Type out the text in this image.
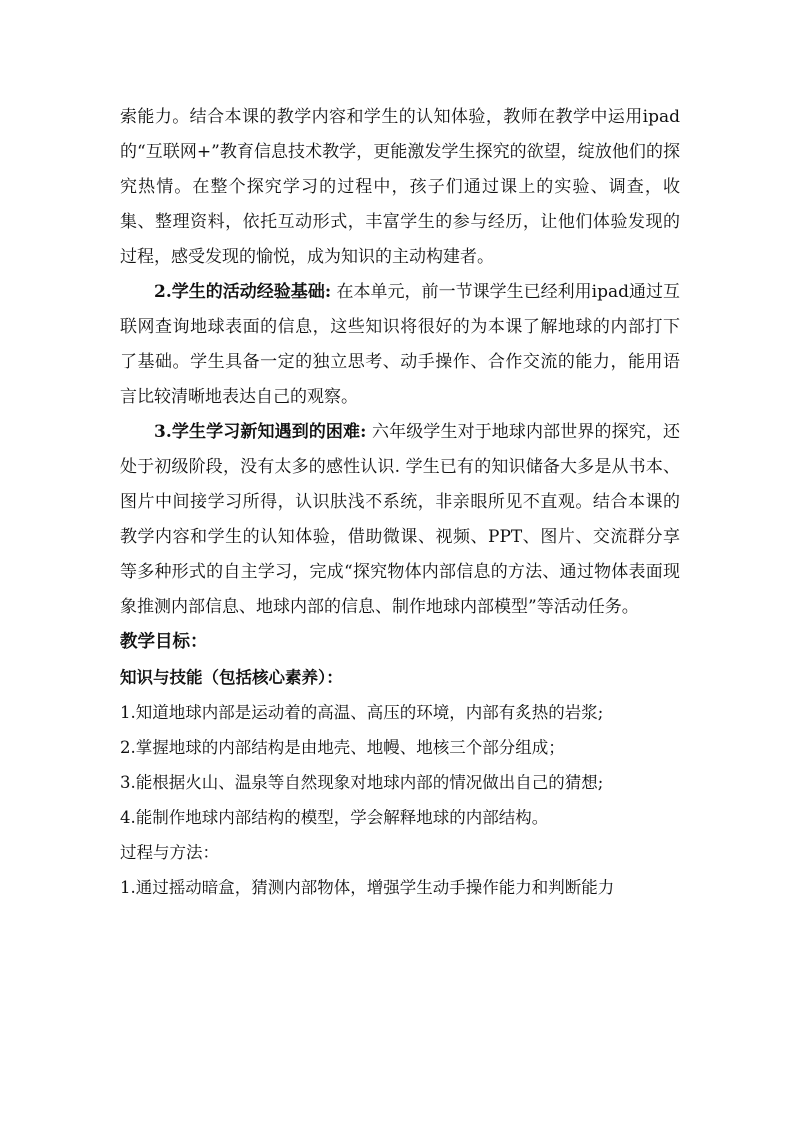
索能力。结合本课的教学内容和学生的认知体验，教师在教学中运用ipad的“互联网+”教育信息技术教学，更能激发学生探究的欲望，绽放他们的探究热情。在整个探究学习的过程中，孩子们通过课上的实验、调查，收集、整理资料，依托互动形式，丰富学生的参与经历，让他们体验发现的过程，感受发现的愉悦，成为知识的主动构建者。

2.学生的活动经验基础: 在本单元，前一节课学生已经利用ipad通过互联网查询地球表面的信息，这些知识将很好的为本课了解地球的内部打下了基础。学生具备一定的独立思考、动手操作、合作交流的能力，能用语言比较清晰地表达自己的观察。

3.学生学习新知遇到的困难: 六年级学生对于地球内部世界的探究，还处于初级阶段，没有太多的感性认识. 学生已有的知识储备大多是从书本、图片中间接学习所得，认识肤浅不系统，非亲眼所见不直观。结合本课的教学内容和学生的认知体验，借助微课、视频、PPT、图片、交流群分享等多种形式的自主学习，完成“探究物体内部信息的方法、通过物体表面现象推测内部信息、地球内部的信息、制作地球内部模型”等活动任务。

教学目标：

知识与技能（包括核心素养）：

1.知道地球内部是运动着的高温、高压的环境，内部有炙热的岩浆;

2.掌握地球的内部结构是由地壳、地幔、地核三个部分组成；

3.能根据火山、温泉等自然现象对地球内部的情况做出自己的猜想;

4.能制作地球内部结构的模型，学会解释地球的内部结构。

过程与方法：

1.通过摇动暗盒，猜测内部物体，增强学生动手操作能力和判断能力
